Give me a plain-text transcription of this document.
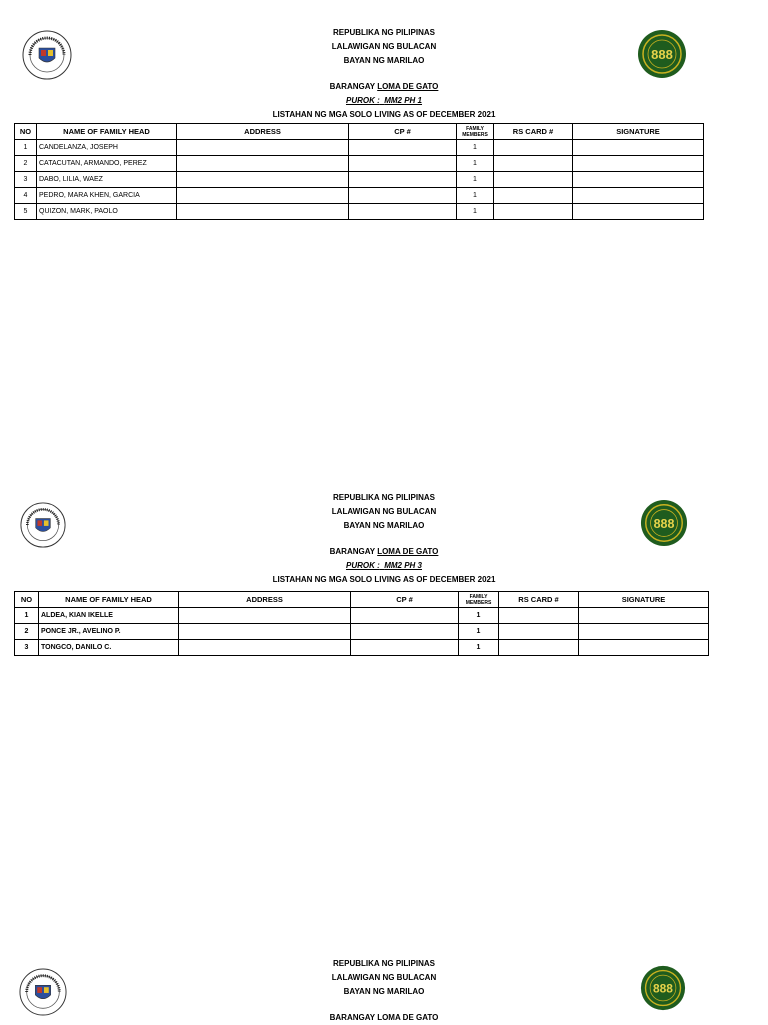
REPUBLIKA NG PILIPINAS
LALAWIGAN NG BULACAN
BAYAN NG MARILAO
BARANGAY LOMA DE GATO
PUROK : MM2 PH 1
LISTAHAN NG MGA SOLO LIVING AS OF DECEMBER 2021
888
NO	NAME OF FAMILY HEAD	ADDRESS	CP #	FAMILY MEMBERS	RS CARD #	SIGNATURE
1	CANDELANZA, JOSEPH			1		
2	CATACUTAN, ARMANDO, PEREZ			1		
3	DABO, LILIA, WAEZ			1		
4	PEDRO, MARA KHEN, GARCIA			1		
5	QUIZON, MARK, PAOLO			1		
REPUBLIKA NG PILIPINAS
LALAWIGAN NG BULACAN
BAYAN NG MARILAO
BARANGAY LOMA DE GATO
PUROK : MM2 PH 3
LISTAHAN NG MGA SOLO LIVING AS OF DECEMBER 2021
888
NO	NAME OF FAMILY HEAD	ADDRESS	CP #	FAMILY MEMBERS	RS CARD #	SIGNATURE
1	ALDEA, KIAN IKELLE			1		
2	PONCE JR., AVELINO P.			1		
3	TONGCO, DANILO C.			1		
REPUBLIKA NG PILIPINAS
LALAWIGAN NG BULACAN
BAYAN NG MARILAO
BARANGAY LOMA DE GATO
888
